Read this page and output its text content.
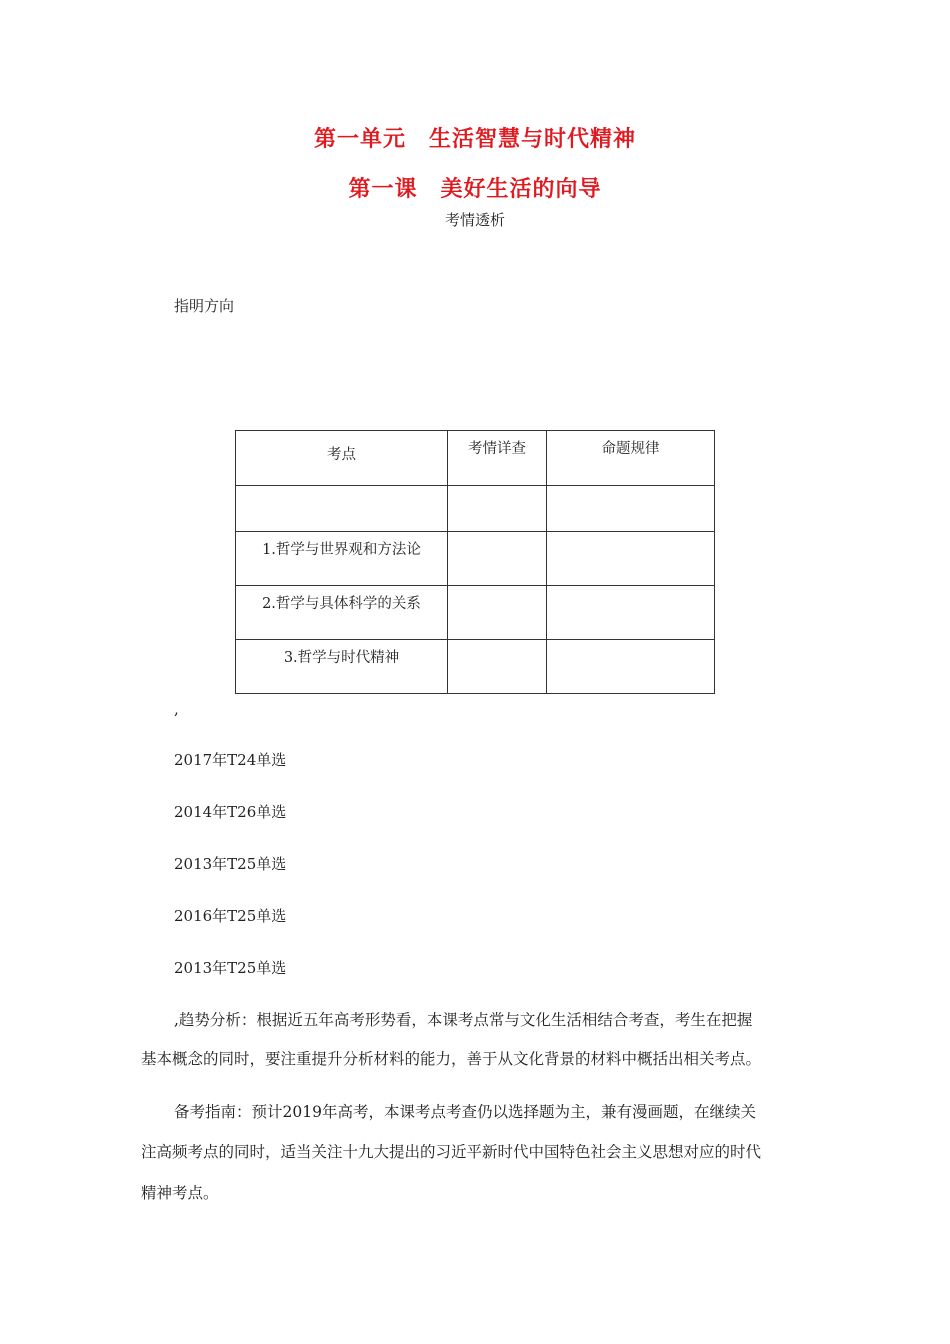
第一单元　生活智慧与时代精神
第一课　美好生活的向导
考情透析
指明方向
考点	考情详查	命题规律

1.哲学与世界观和方法论		
2.哲学与具体科学的关系		
3.哲学与时代精神		
,
2017年T24单选
2014年T26单选
2013年T25单选
2016年T25单选
2013年T25单选
,趋势分析：根据近五年高考形势看，本课考点常与文化生活相结合考查，考生在把握
基本概念的同时，要注重提升分析材料的能力，善于从文化背景的材料中概括出相关考点。
备考指南：预计2019年高考，本课考点考查仍以选择题为主，兼有漫画题，在继续关
注高频考点的同时，适当关注十九大提出的习近平新时代中国特色社会主义思想对应的时代
精神考点。
